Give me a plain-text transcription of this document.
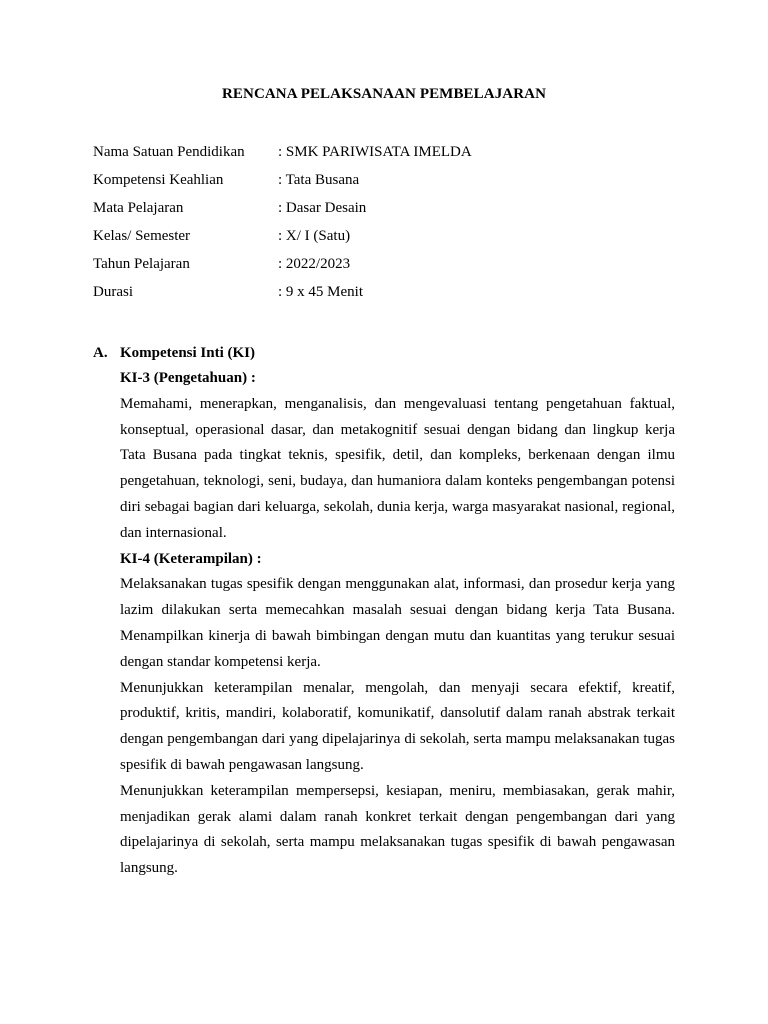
RENCANA PELAKSANAAN PEMBELAJARAN
Nama Satuan Pendidikan	: SMK PARIWISATA IMELDA
Kompetensi Keahlian	: Tata Busana
Mata Pelajaran	: Dasar Desain
Kelas/ Semester	: X/ I (Satu)
Tahun Pelajaran	: 2022/2023
Durasi	: 9 x 45 Menit
A. Kompetensi Inti (KI)
KI-3 (Pengetahuan) :

Memahami, menerapkan, menganalisis, dan mengevaluasi tentang pengetahuan faktual, konseptual, operasional dasar, dan metakognitif sesuai dengan bidang dan lingkup kerja Tata Busana pada tingkat teknis, spesifik, detil, dan kompleks, berkenaan dengan ilmu pengetahuan, teknologi, seni, budaya, dan humaniora dalam konteks pengembangan potensi diri sebagai bagian dari keluarga, sekolah, dunia kerja, warga masyarakat nasional, regional, dan internasional.

KI-4 (Keterampilan) :

Melaksanakan tugas spesifik dengan menggunakan alat, informasi, dan prosedur kerja yang lazim dilakukan serta memecahkan masalah sesuai dengan bidang kerja Tata Busana. Menampilkan kinerja di bawah bimbingan dengan mutu dan kuantitas yang terukur sesuai dengan standar kompetensi kerja.

Menunjukkan keterampilan menalar, mengolah, dan menyaji secara efektif, kreatif, produktif, kritis, mandiri, kolaboratif, komunikatif, dansolutif dalam ranah abstrak terkait dengan pengembangan dari yang dipelajarinya di sekolah, serta mampu melaksanakan tugas spesifik di bawah pengawasan langsung.

Menunjukkan keterampilan mempersepsi, kesiapan, meniru, membiasakan, gerak mahir, menjadikan gerak alami dalam ranah konkret terkait dengan pengembangan dari yang dipelajarinya di sekolah, serta mampu melaksanakan tugas spesifik di bawah pengawasan langsung.
